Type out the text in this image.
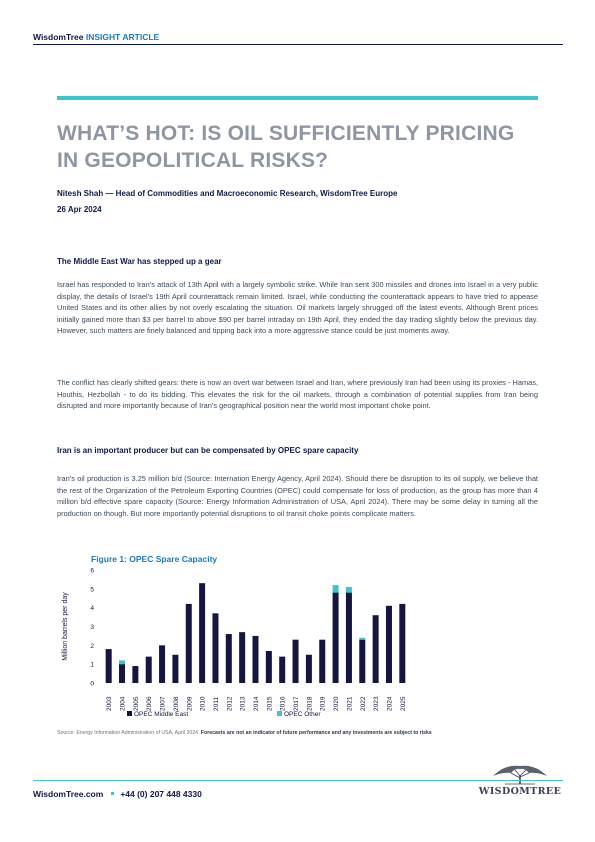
WisdomTree INSIGHT ARTICLE
WHAT’S HOT: IS OIL SUFFICIENTLY PRICING IN GEOPOLITICAL RISKS?
Nitesh Shah — Head of Commodities and Macroeconomic Research, WisdomTree Europe
26 Apr 2024
The Middle East War has stepped up a gear

Israel has responded to Iran’s attack of 13th April with a largely symbolic strike. While Iran sent 300 missiles and drones into Israel in a very public display, the details of Israel’s 19th April counterattack remain limited. Israel, while conducting the counterattack appears to have tried to appease United States and its other allies by not overly escalating the situation. Oil markets largely shrugged off the latest events. Although Brent prices initially gained more than $3 per barrel to above $90 per barrel intraday on 19th April, they ended the day trading slightly below the previous day. However, such matters are finely balanced and tipping back into a more aggressive stance could be just moments away.

The conflict has clearly shifted gears: there is now an overt war between Israel and Iran, where previously Iran had been using its proxies - Hamas, Houthis, Hezbollah - to do its bidding. This elevates the risk for the oil markets, through a combination of potential supplies from Iran being disrupted and more importantly because of Iran’s geographical position near the world most important choke point.

Iran is an important producer but can be compensated by OPEC spare capacity

Iran’s oil production is 3.25 million b/d (Source: Internation Energy Agency, April 2024). Should there be disruption to its oil supply, we believe that the rest of the Organization of the Petroleum Exporting Countries (OPEC) could compensate for loss of production, as the group has more than 4 million b/d effective spare capacity (Source: Energy Information Administration of USA, April 2024). There may be some delay in turning all the production on though. But more importantly potential disruptions to oil transit choke points complicate matters.

Figure 1: OPEC Spare Capacity
Million barrels per day
0
1
2
3
4
5
6
2003 2004 2005 2006 2007 2008 2009 2010 2011 2012 2013 2014 2015 2016 2017 2018 2019 2020 2021 2022 2023 2024 2025
OPEC Middle East	OPEC Other
Source: Energy Information Administration of USA, April 2024. Forecasts are not an indicator of future performance and any investments are subject to risks
WISDOMTREE
WisdomTree.com +44 (0) 207 448 4330
